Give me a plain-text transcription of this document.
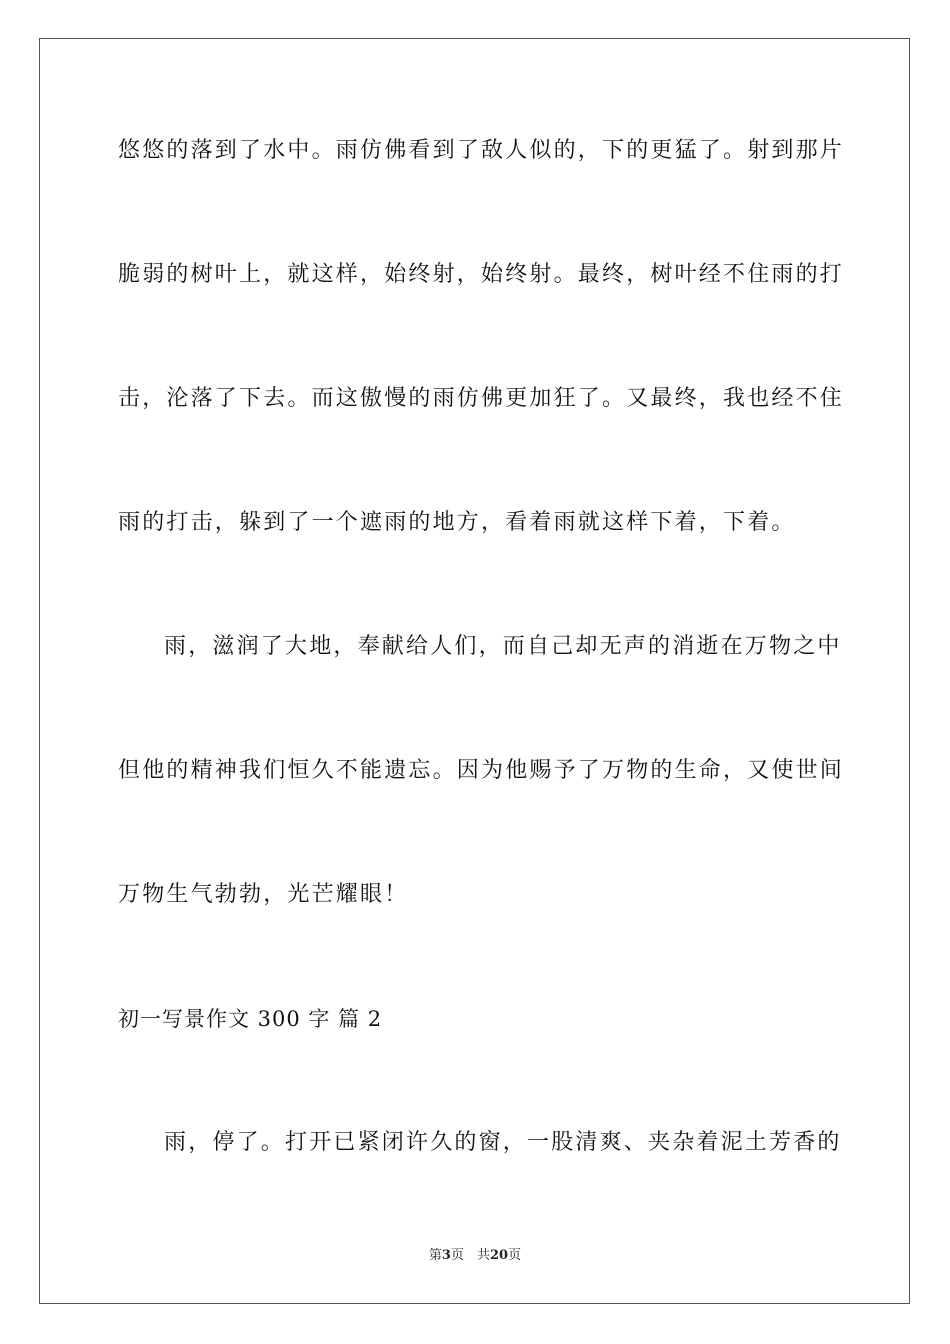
悠悠的落到了水中。雨仿佛看到了敌人似的，下的更猛了。射到那片
脆弱的树叶上，就这样，始终射，始终射。最终，树叶经不住雨的打
击，沦落了下去。而这傲慢的雨仿佛更加狂了。又最终，我也经不住
雨的打击，躲到了一个遮雨的地方，看着雨就这样下着，下着。
雨，滋润了大地，奉献给人们，而自己却无声的消逝在万物之中
但他的精神我们恒久不能遗忘。因为他赐予了万物的生命，又使世间
万物生气勃勃，光芒耀眼！
初一写景作文 300 字 篇 2
雨，停了。打开已紧闭许久的窗，一股清爽、夹杂着泥土芳香的
第3页　共20页
